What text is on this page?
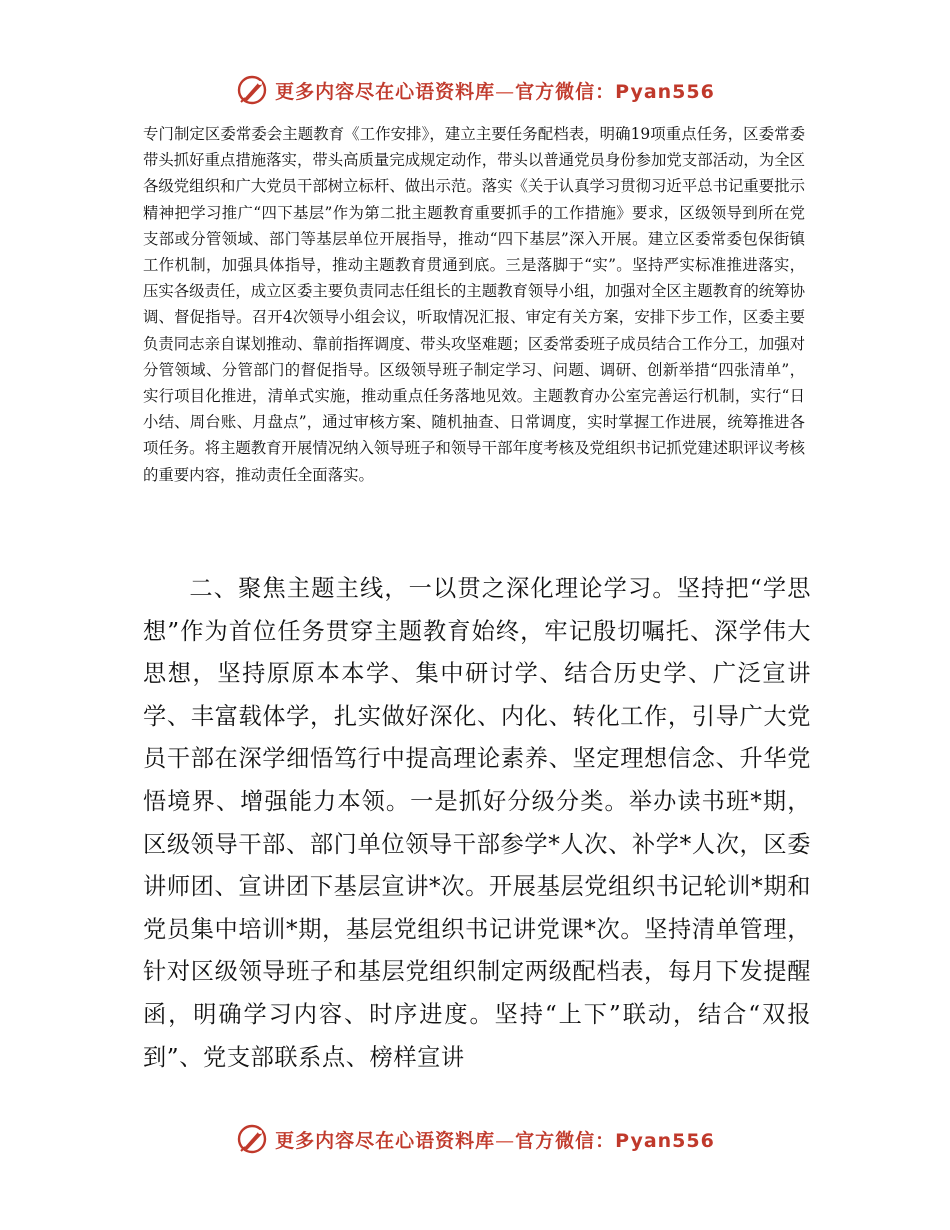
更多内容尽在心语资料库—官方微信：Pyan556

专门制定区委常委会主题教育《工作安排》，建立主要任务配档表，明确19项重点任务，区委常委带头抓好重点措施落实，带头高质量完成规定动作，带头以普通党员身份参加党支部活动，为全区各级党组织和广大党员干部树立标杆、做出示范。落实《关于认真学习贯彻习近平总书记重要批示精神把学习推广“四下基层”作为第二批主题教育重要抓手的工作措施》要求，区级领导到所在党支部或分管领域、部门等基层单位开展指导，推动“四下基层”深入开展。建立区委常委包保街镇工作机制，加强具体指导，推动主题教育贯通到底。三是落脚于“实”。坚持严实标准推进落实，压实各级责任，成立区委主要负责同志任组长的主题教育领导小组，加强对全区主题教育的统筹协调、督促指导。召开4次领导小组会议，听取情况汇报、审定有关方案，安排下步工作，区委主要负责同志亲自谋划推动、靠前指挥调度、带头攻坚难题；区委常委班子成员结合工作分工，加强对分管领域、分管部门的督促指导。区级领导班子制定学习、问题、调研、创新举措“四张清单”，实行项目化推进，清单式实施，推动重点任务落地见效。主题教育办公室完善运行机制，实行“日小结、周台账、月盘点”，通过审核方案、随机抽查、日常调度，实时掌握工作进展，统筹推进各项任务。将主题教育开展情况纳入领导班子和领导干部年度考核及党组织书记抓党建述职评议考核的重要内容，推动责任全面落实。

二、聚焦主题主线，一以贯之深化理论学习。坚持把“学思想”作为首位任务贯穿主题教育始终，牢记殷切嘱托、深学伟大思想，坚持原原本本学、集中研讨学、结合历史学、广泛宣讲学、丰富载体学，扎实做好深化、内化、转化工作，引导广大党员干部在深学细悟笃行中提高理论素养、坚定理想信念、升华党悟境界、增强能力本领。一是抓好分级分类。举办读书班*期，区级领导干部、部门单位领导干部参学*人次、补学*人次，区委讲师团、宣讲团下基层宣讲*次。开展基层党组织书记轮训*期和党员集中培训*期，基层党组织书记讲党课*次。坚持清单管理，针对区级领导班子和基层党组织制定两级配档表，每月下发提醒函，明确学习内容、时序进度。坚持“上下”联动，结合“双报到”、党支部联系点、榜样宣讲

更多内容尽在心语资料库—官方微信：Pyan556
